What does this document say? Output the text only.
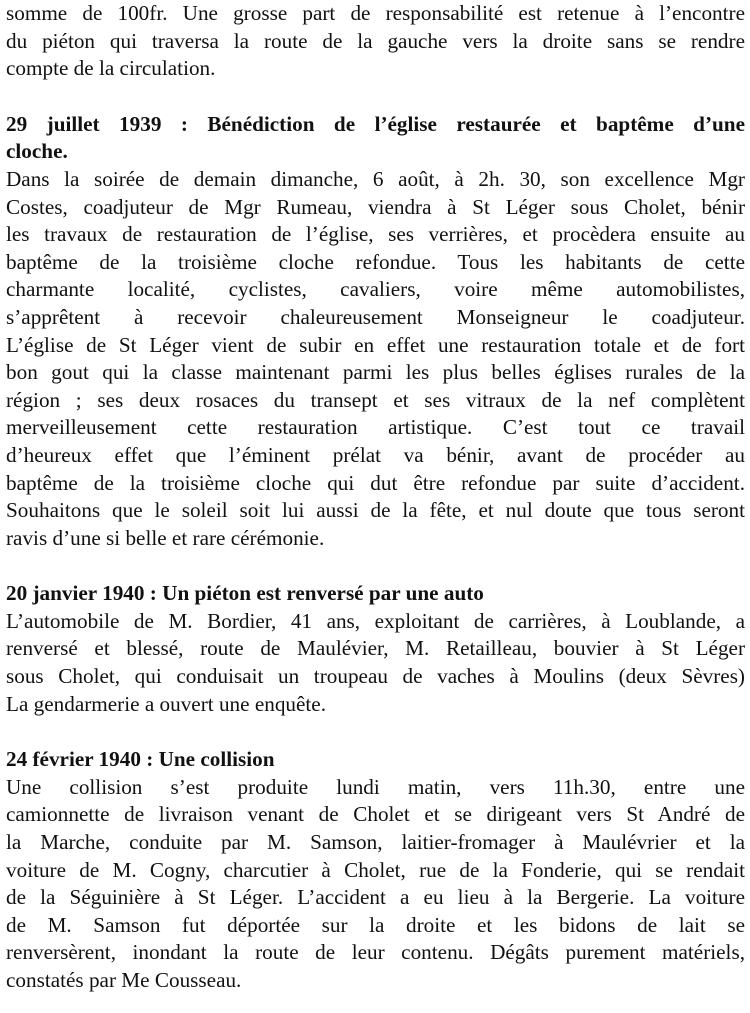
somme de 100fr. Une grosse part de responsabilité est retenue à l’encontre
du piéton qui traversa la route de la gauche vers la droite sans se rendre
compte de la circulation.
29 juillet 1939 : Bénédiction de l’église restaurée et baptême d’une
cloche.
Dans la soirée de demain dimanche, 6 août, à 2h. 30, son excellence Mgr
Costes, coadjuteur de Mgr Rumeau, viendra à St Léger sous Cholet, bénir
les travaux de restauration de l’église, ses verrières, et procèdera ensuite au
baptême de la troisième cloche refondue. Tous les habitants de cette
charmante localité, cyclistes, cavaliers, voire même automobilistes,
s’apprêtent à recevoir chaleureusement Monseigneur le coadjuteur.
L’église de St Léger vient de subir en effet une restauration totale et de fort
bon gout qui la classe maintenant parmi les plus belles églises rurales de la
région ; ses deux rosaces du transept et ses vitraux de la nef complètent
merveilleusement cette restauration artistique. C’est tout ce travail
d’heureux effet que l’éminent prélat va bénir, avant de procéder au
baptême de la troisième cloche qui dut être refondue par suite d’accident.
Souhaitons que le soleil soit lui aussi de la fête, et nul doute que tous seront
ravis d’une si belle et rare cérémonie.
20 janvier 1940 : Un piéton est renversé par une auto
L’automobile de M. Bordier, 41 ans, exploitant de carrières, à Loublande, a
renversé et blessé, route de Maulévier, M. Retailleau, bouvier à St Léger
sous Cholet, qui conduisait un troupeau de vaches à Moulins (deux Sèvres)
La gendarmerie a ouvert une enquête.
24 février 1940 : Une collision
Une collision s’est produite lundi matin, vers 11h.30, entre une
camionnette de livraison venant de Cholet et se dirigeant vers St André de
la Marche, conduite par M. Samson, laitier-fromager à Maulévrier et la
voiture de M. Cogny, charcutier à Cholet, rue de la Fonderie, qui se rendait
de la Séguinière à St Léger. L’accident a eu lieu à la Bergerie. La voiture
de M. Samson fut déportée sur la droite et les bidons de lait se
renversèrent, inondant la route de leur contenu. Dégâts purement matériels,
constatés par Me Cousseau.
